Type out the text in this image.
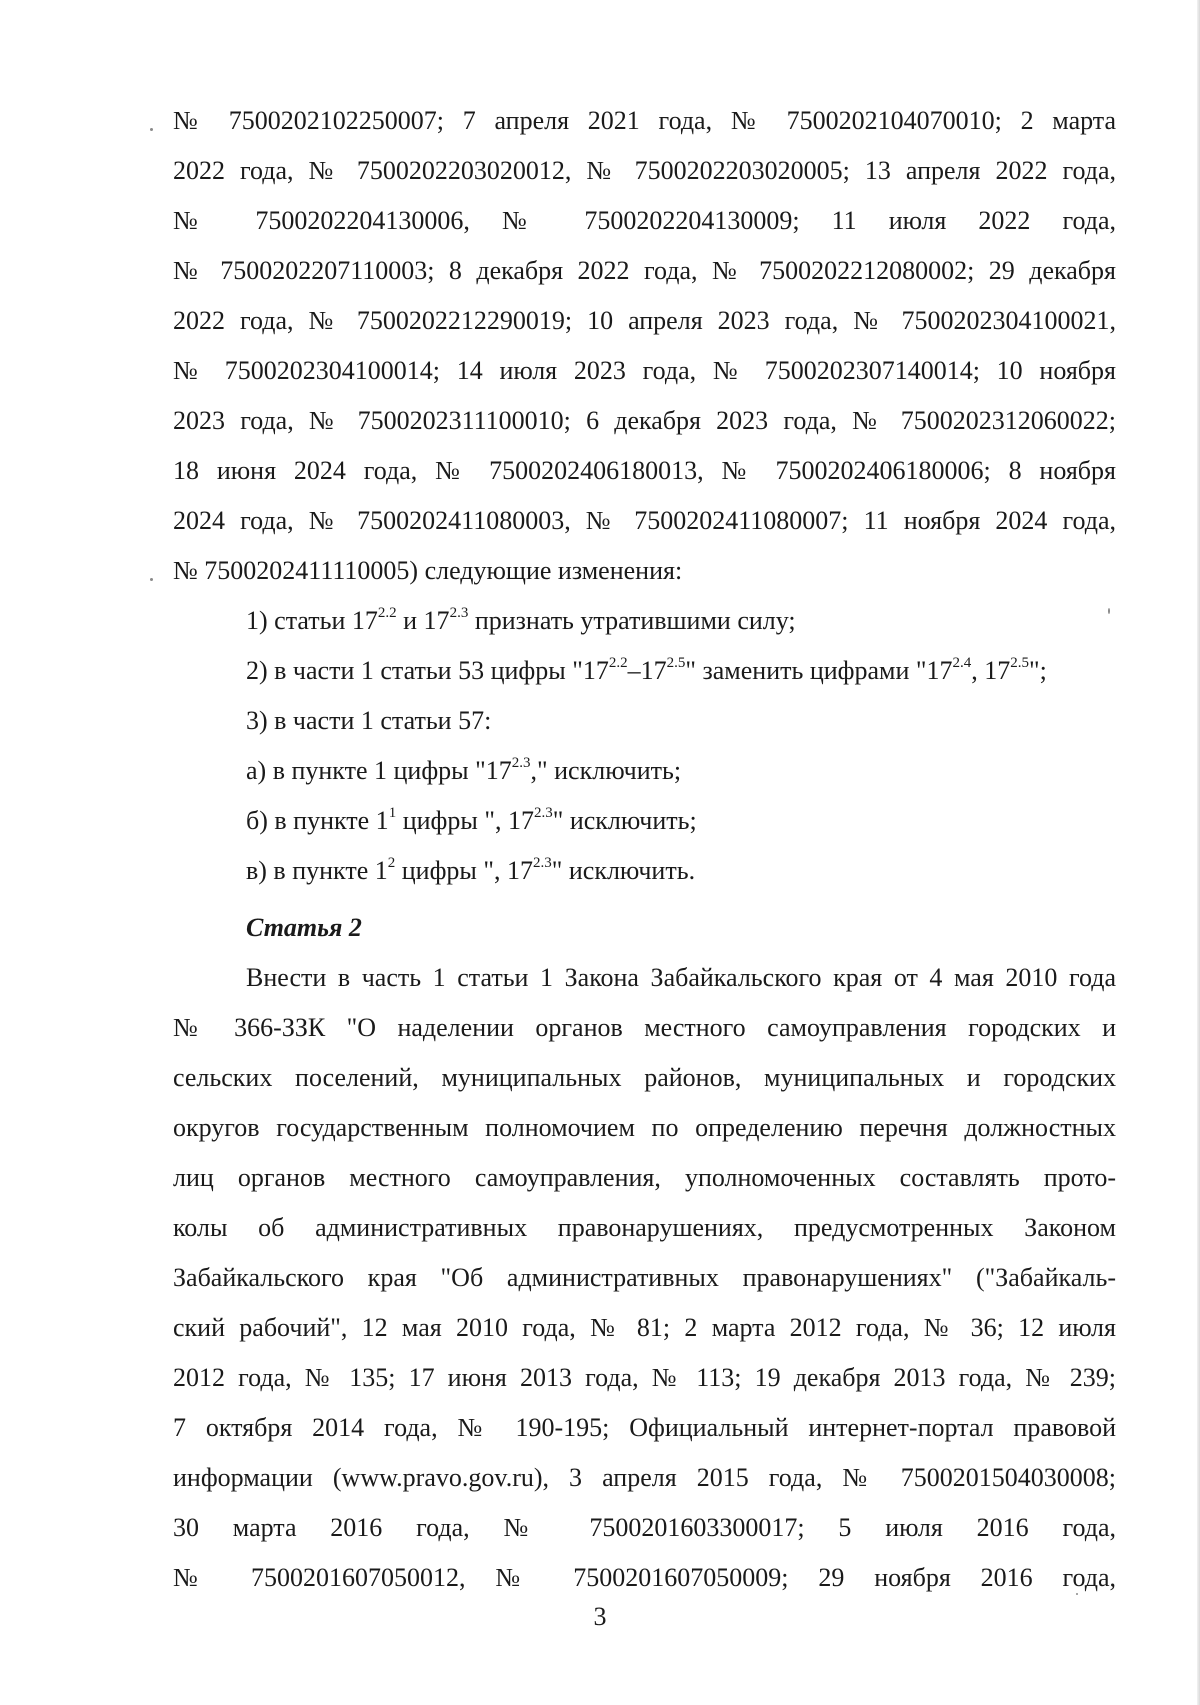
№ 7500202102250007; 7 апреля 2021 года, № 7500202104070010; 2 марта
2022 года, № 7500202203020012, № 7500202203020005; 13 апреля 2022 года,
№ 7500202204130006, № 7500202204130009; 11 июля 2022 года,
№ 7500202207110003; 8 декабря 2022 года, № 7500202212080002; 29 декабря
2022 года, № 7500202212290019; 10 апреля 2023 года, № 7500202304100021,
№ 7500202304100014; 14 июля 2023 года, № 7500202307140014; 10 ноября
2023 года, № 7500202311100010; 6 декабря 2023 года, № 7500202312060022;
18 июня 2024 года, № 7500202406180013, № 7500202406180006; 8 ноября
2024 года, № 7500202411080003, № 7500202411080007; 11 ноября 2024 года,
№ 7500202411110005) следующие изменения:
1) статьи $17^{2.2}$ и $17^{2.3}$ признать утратившими силу;
2) в части 1 статьи 53 цифры "$17^{2.2}-17^{2.5}$" заменить цифрами "$17^{2.4}$, $17^{2.5}$";
3) в части 1 статьи 57:
а) в пункте 1 цифры "$17^{2.3}$," исключить;
б) в пункте $1^1$ цифры ", $17^{2.3}$" исключить;
в) в пункте $1^2$ цифры ", $17^{2.3}$" исключить.
Статья 2
Внести в часть 1 статьи 1 Закона Забайкальского края от 4 мая 2010 года
№ 366-ЗЗК "О наделении органов местного самоуправления городских и
сельских поселений, муниципальных районов, муниципальных и городских
округов государственным полномочием по определению перечня должностных
лиц органов местного самоуправления, уполномоченных составлять прото-
колы об административных правонарушениях, предусмотренных Законом
Забайкальского края "Об административных правонарушениях" ("Забайкаль-
ский рабочий", 12 мая 2010 года, № 81; 2 марта 2012 года, № 36; 12 июля
2012 года, № 135; 17 июня 2013 года, № 113; 19 декабря 2013 года, № 239;
7 октября 2014 года, № 190-195; Официальный интернет-портал правовой
информации (www.pravo.gov.ru), 3 апреля 2015 года, № 7500201504030008;
30 марта 2016 года, № 7500201603300017; 5 июля 2016 года,
№ 7500201607050012, № 7500201607050009; 29 ноября 2016 года,
3
